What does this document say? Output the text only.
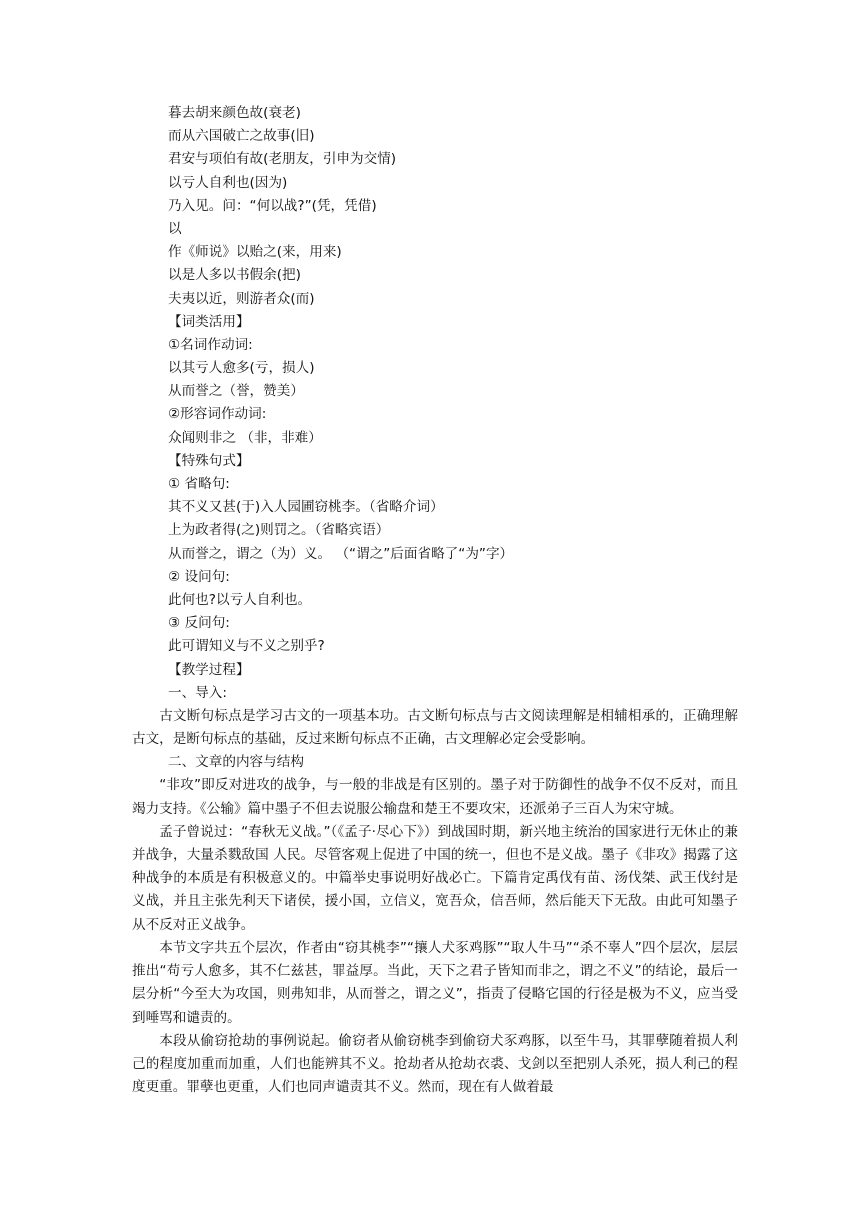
暮去胡来颜色故(衰老)
而从六国破亡之故事(旧)
君安与项伯有故(老朋友，引申为交情)
以亏人自利也(因为)
乃入见。问：“何以战?”(凭，凭借)
以
作《师说》以贻之(来，用来)
以是人多以书假余(把)
夫夷以近，则游者众(而)
【词类活用】
①名词作动词:
以其亏人愈多(亏，损人)
从而誉之（誉，赞美）
②形容词作动词:
众闻则非之 （非，非难）
【特殊句式】
① 省略句:
其不义又甚(于)入人园圃窃桃李。（省略介词）
上为政者得(之)则罚之。（省略宾语）
从而誉之，谓之（为）义。 （“谓之”后面省略了“为”字）
② 设问句:
此何也?以亏人自利也。
③ 反问句:
此可谓知义与不义之别乎?
【教学过程】
一、导入:

古文断句标点是学习古文的一项基本功。古文断句标点与古文阅读理解是相辅相承的，正确理解古文，是断句标点的基础，反过来断句标点不正确，古文理解必定会受影响。

二、文章的内容与结构

“非攻”即反对进攻的战争，与一般的非战是有区别的。墨子对于防御性的战争不仅不反对，而且竭力支持。《公输》篇中墨子不但去说服公输盘和楚王不要攻宋，还派弟子三百人为宋守城。

孟子曾说过：“春秋无义战。”（《孟子·尽心下》）到战国时期，新兴地主统治的国家进行无休止的兼并战争，大量杀戮敌国 人民。尽管客观上促进了中国的统一，但也不是义战。墨子《非攻》揭露了这种战争的本质是有积极意义的。中篇举史事说明好战必亡。下篇肯定禹伐有苗、汤伐桀、武王伐纣是义战，并且主张先利天下诸侯，援小国，立信义，宽吾众，信吾师，然后能天下无敌。由此可知墨子从不反对正义战争。

本节文字共五个层次，作者由“窃其桃李”“攘人犬豕鸡豚”“取人牛马”“杀不辜人”四个层次，层层推出“苟亏人愈多，其不仁兹甚，罪益厚。当此，天下之君子皆知而非之，谓之不义”的结论，最后一层分析“今至大为攻国，则弗知非，从而誉之，谓之义”，指责了侵略它国的行径是极为不义，应当受到唾骂和谴责的。

本段从偷窃抢劫的事例说起。偷窃者从偷窃桃李到偷窃犬豕鸡豚，以至牛马，其罪孽随着损人利己的程度加重而加重，人们也能辨其不义。抢劫者从抢劫衣裘、戈剑以至把别人杀死，损人利己的程度更重。罪孽也更重，人们也同声谴责其不义。然而，现在有人做着最
